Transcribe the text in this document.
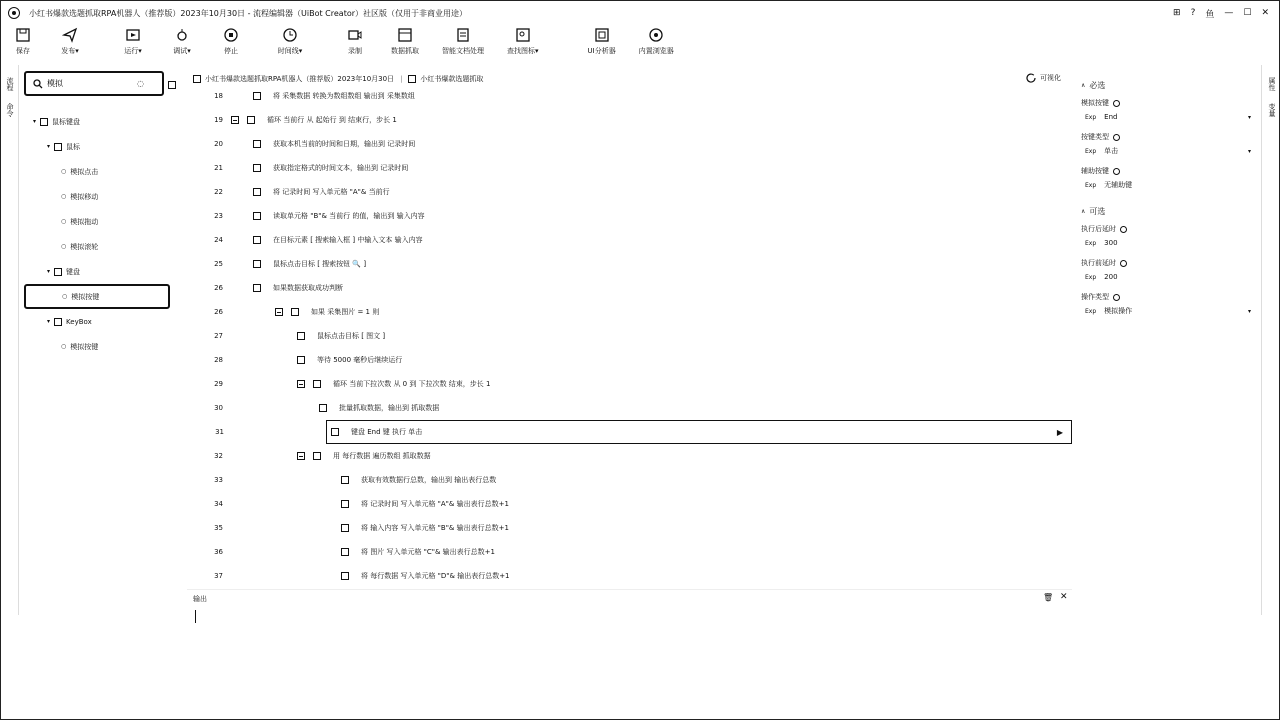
小红书爆款选题抓取RPA机器人（推荐版）2023年10月30日 - 流程编辑器（UiBot Creator）社区版（仅用于非商业用途）	⊞ ? 鱼 — ☐ ✕
保存	发布▾	运行▾	调试▾	停止	时间线▾	录制	数据抓取	智能文档处理	查找图标▾	UI分析器	内置浏览器
流程
命令
属性
变量
模拟
◌
▾ 鼠标键盘
▾ 鼠标
○ 模拟点击
○ 模拟移动
○ 模拟拖动
○ 模拟滚轮
▾ 键盘
○ 模拟按键
▾ KeyBox
○ 模拟按键
小红书爆款选题抓取RPA机器人（推荐版）2023年10月30日 |	小红书爆款选题抓取	可视化
18	将 采集数据 转换为数组数组 输出到 采集数组
19	循环 当前行 从 起始行 到 结束行，步长 1
20	获取本机当前的时间和日期，输出到 记录时间
21	获取指定格式的时间文本，输出到 记录时间
22	将 记录时间 写入单元格 "A"& 当前行
23	读取单元格 "B"& 当前行 的值，输出到 输入内容
24	在目标元素 [ 搜索输入框 ] 中输入文本 输入内容
25	鼠标点击目标 [ 搜索按钮 🔍 ]
26	如果数据获取成功判断
26	如果 采集图片 = 1 则
27	鼠标点击目标 [ 图文 ]
28	等待 5000 毫秒后继续运行
29	循环 当前下拉次数 从 0 到 下拉次数 结束，步长 1
30	批量抓取数据，输出到 抓取数据
31	键盘 End 键 执行 单击	▶
32	用 每行数据 遍历数组 抓取数据
33	获取有效数据行总数，输出到 输出表行总数
34	将 记录时间 写入单元格 "A"& 输出表行总数+1
35	将 输入内容 写入单元格 "B"& 输出表行总数+1
36	将 图片 写入单元格 "C"& 输出表行总数+1
37	将 每行数据 写入单元格 "D"& 输出表行总数+1
输出	🗑 ✕
∧ 必选
模拟按键
Exp End	▾
按键类型
Exp 单击	▾
辅助按键
Exp 无辅助键
∧ 可选
执行后延时
Exp 300
执行前延时
Exp 200
操作类型
Exp 模拟操作	▾
